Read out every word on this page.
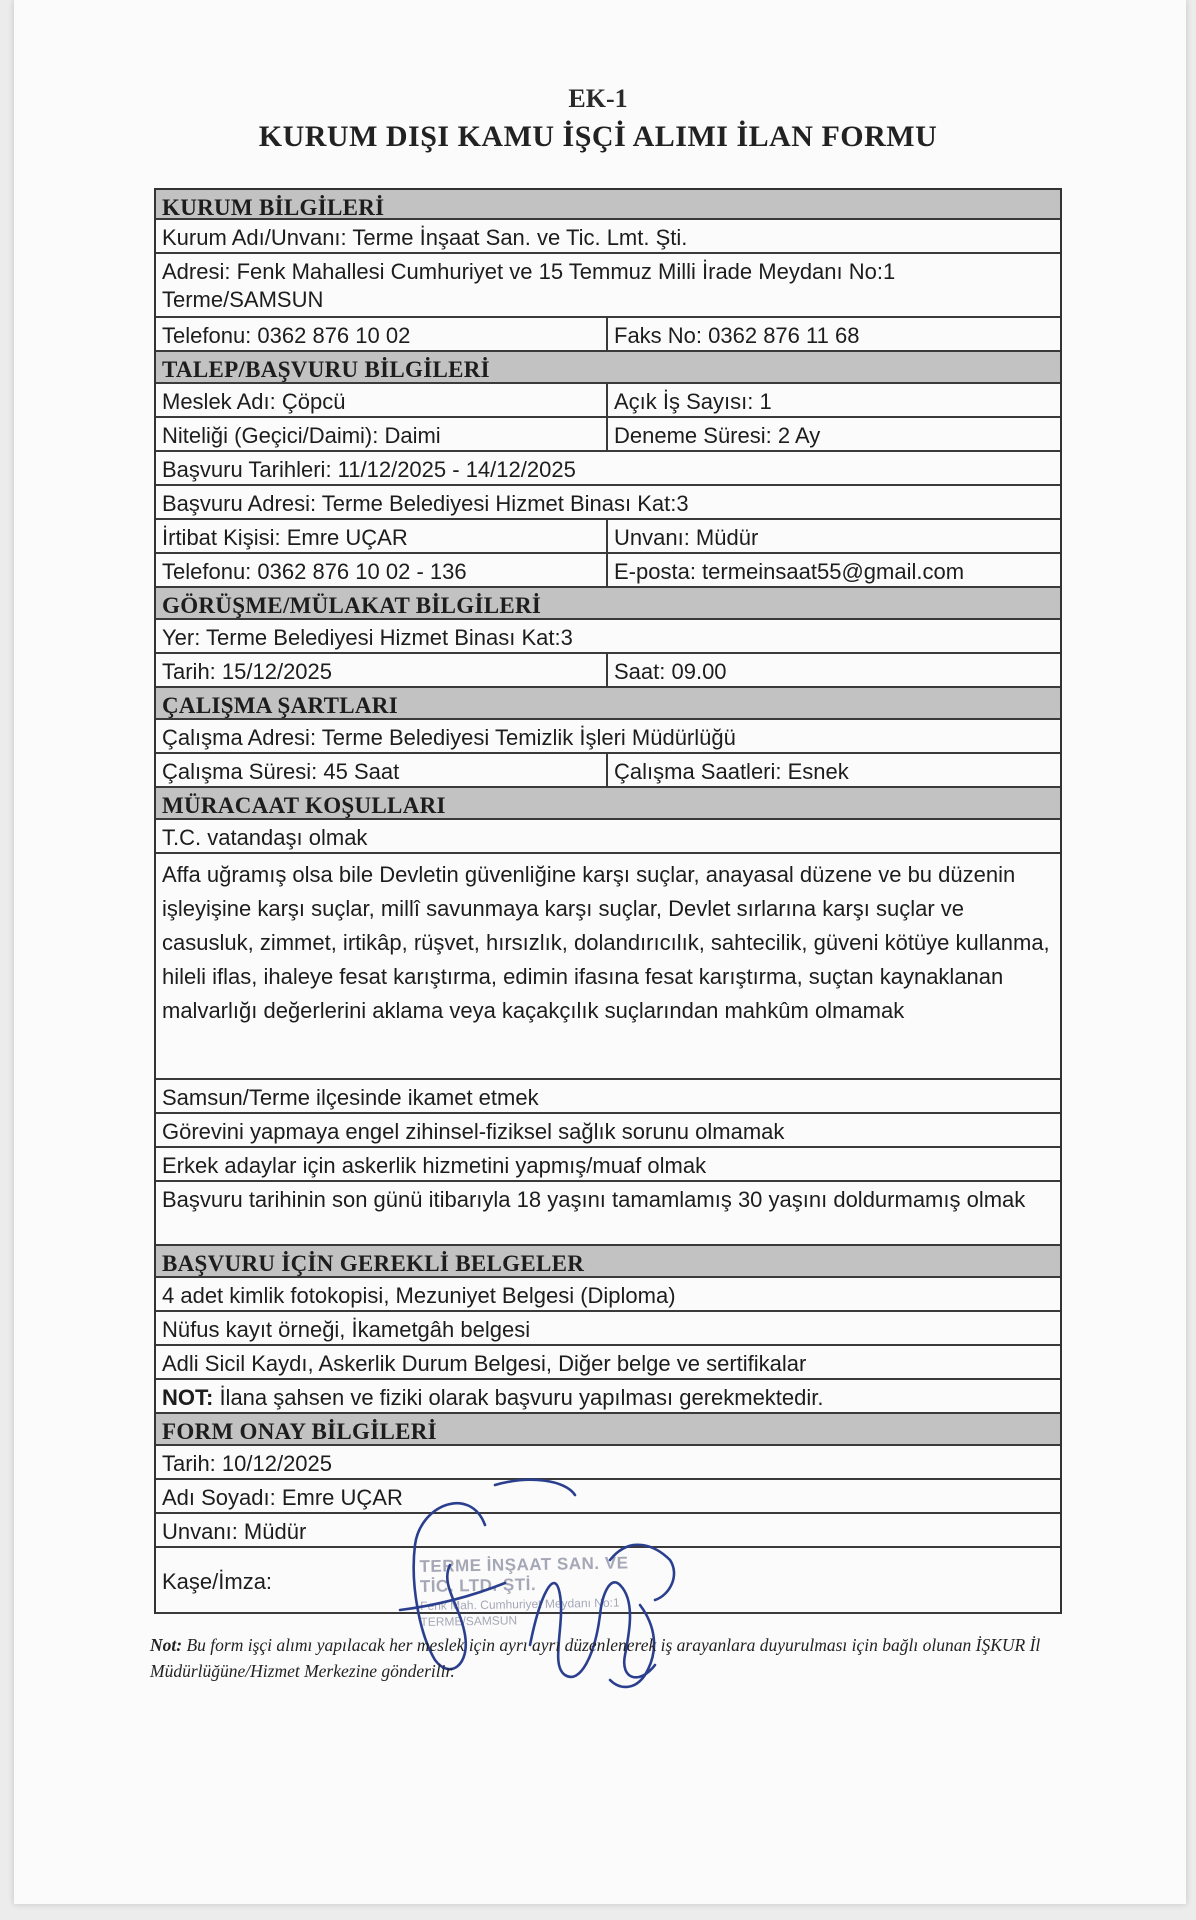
EK-1
KURUM DIŞI KAMU İŞÇİ ALIMI İLAN FORMU
KURUM BİLGİLERİ
Kurum Adı/Unvanı: Terme İnşaat San. ve Tic. Lmt. Şti.
Adresi: Fenk Mahallesi Cumhuriyet ve 15 Temmuz Milli İrade Meydanı No:1 Terme/SAMSUN
Telefonu: 0362 876 10 02	Faks No: 0362 876 11 68
TALEP/BAŞVURU BİLGİLERİ
Meslek Adı: Çöpcü	Açık İş Sayısı: 1
Niteliği (Geçici/Daimi): Daimi	Deneme Süresi: 2 Ay
Başvuru Tarihleri: 11/12/2025 - 14/12/2025
Başvuru Adresi: Terme Belediyesi Hizmet Binası Kat:3
İrtibat Kişisi: Emre UÇAR	Unvanı: Müdür
Telefonu: 0362 876 10 02 - 136	E-posta: termeinsaat55@gmail.com
GÖRÜŞME/MÜLAKAT BİLGİLERİ
Yer: Terme Belediyesi Hizmet Binası Kat:3
Tarih: 15/12/2025	Saat: 09.00
ÇALIŞMA ŞARTLARI
Çalışma Adresi: Terme Belediyesi Temizlik İşleri Müdürlüğü
Çalışma Süresi: 45 Saat	Çalışma Saatleri: Esnek
MÜRACAAT KOŞULLARI
T.C. vatandaşı olmak
Affa uğramış olsa bile Devletin güvenliğine karşı suçlar, anayasal düzene ve bu düzenin işleyişine karşı suçlar, millî savunmaya karşı suçlar, Devlet sırlarına karşı suçlar ve casusluk, zimmet, irtikâp, rüşvet, hırsızlık, dolandırıcılık, sahtecilik, güveni kötüye kullanma, hileli iflas, ihaleye fesat karıştırma, edimin ifasına fesat karıştırma, suçtan kaynaklanan malvarlığı değerlerini aklama veya kaçakçılık suçlarından mahkûm olmamak
Samsun/Terme ilçesinde ikamet etmek
Görevini yapmaya engel zihinsel-fiziksel sağlık sorunu olmamak
Erkek adaylar için askerlik hizmetini yapmış/muaf olmak
Başvuru tarihinin son günü itibarıyla 18 yaşını tamamlamış 30 yaşını doldurmamış olmak
BAŞVURU İÇİN GEREKLİ BELGELER
4 adet kimlik fotokopisi, Mezuniyet Belgesi (Diploma)
Nüfus kayıt örneği, İkametgâh belgesi
Adli Sicil Kaydı, Askerlik Durum Belgesi, Diğer belge ve sertifikalar
NOT: İlana şahsen ve fiziki olarak başvuru yapılması gerekmektedir.
FORM ONAY BİLGİLERİ
Tarih: 10/12/2025
Adı Soyadı: Emre UÇAR
Unvanı: Müdür
Kaşe/İmza:
TERME İNŞAAT SAN. VE TİC. LTD. ŞTİ.
Fenk Mah. Cumhuriyet Meydanı No:1
TERME/SAMSUN
Not: Bu form işçi alımı yapılacak her meslek için ayrı ayrı düzenlenerek iş arayanlara duyurulması için bağlı olunan İŞKUR İl Müdürlüğüne/Hizmet Merkezine gönderilir.
